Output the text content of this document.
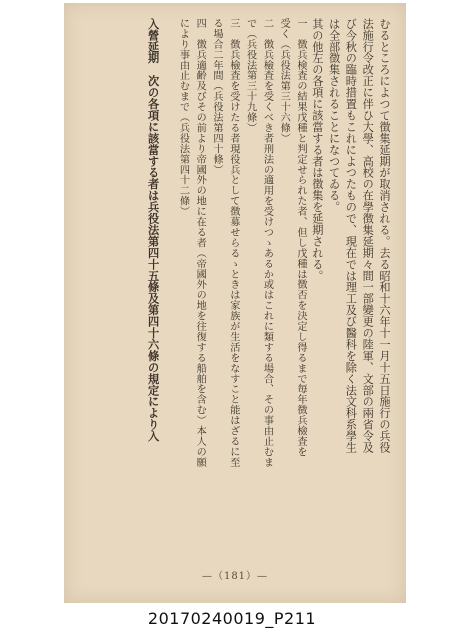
むるところによつて徴集延期が取消される。去る昭和十六年十一月十五日施行の兵役
法施行令改正に伴ひ大學、高校の在學徴集延期々間一部變更の陸軍、文部の兩省令及
び今秋の臨時措置もこれによつたもので、現在では理工及び醫科を除く法文科系學生
は全部徴集されることになつてゐる。
其の他左の各項に該當する者は徴集を延期される。
一　徴兵検査の結果戊種と判定せられた者、但し戊種は徴否を決定し得るまで毎年徴兵檢査を
受く（兵役法第三十六條）
二　徴兵檢査を受くべき者刑法の適用を受けつゝあるか或はこれに類する場合、その事由止むま
で（兵役法第三十九條）
三　徴兵檢査を受けたる者現役兵として徴募せらるゝときは家族が生活をなすこと能はざるに至
る場合二年間（兵役法第四十條）
四　徴兵適齢及びその前より帝國外の地に在る者（帝國外の地を往復する船舶を含む）本人の願
により事由止むまで（兵役法第四十二條）
入營延期　次の各項に該當する者は兵役法第四十五條及第四十六條の規定により入
—（181）—
20170240019_P211
